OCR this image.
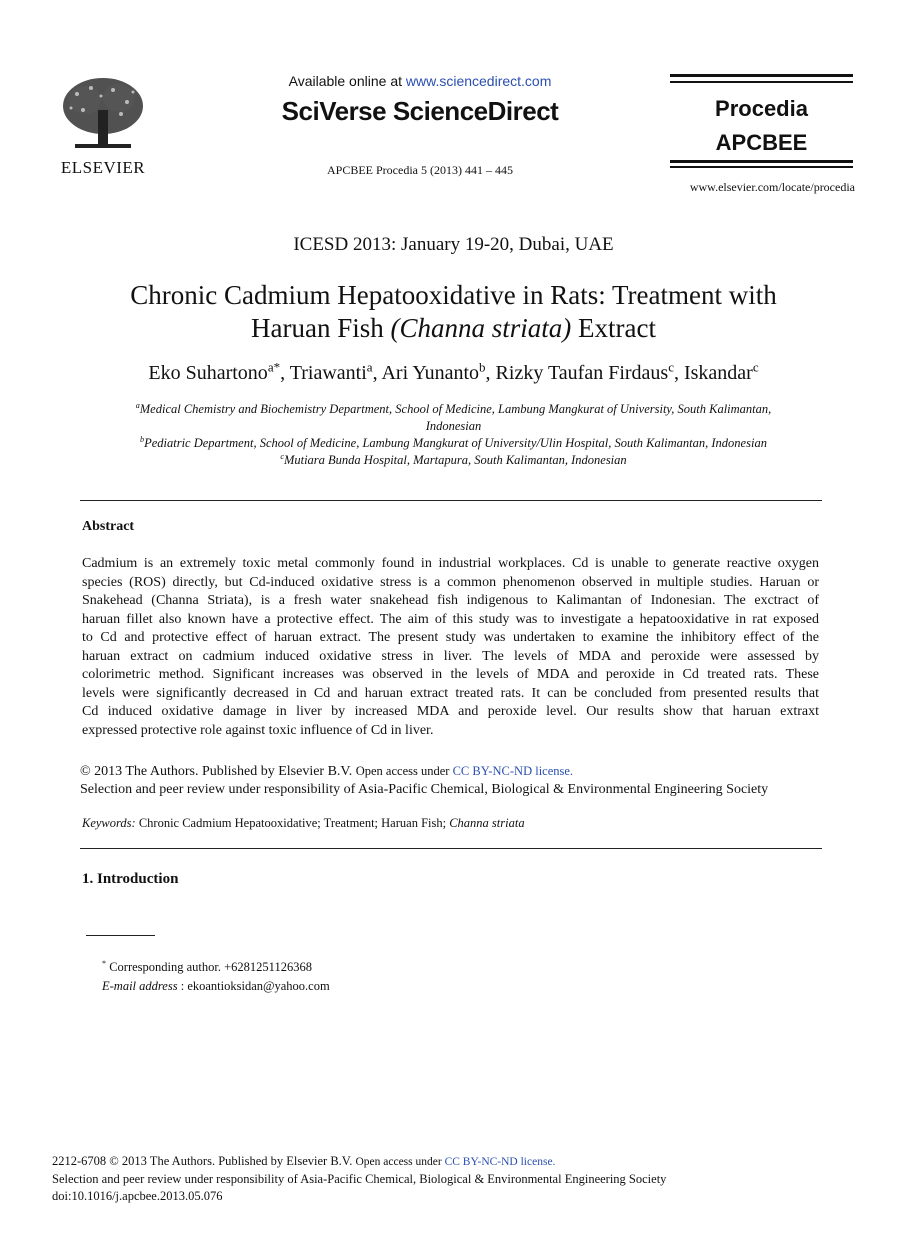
ELSEVIER
Available online at www.sciencedirect.com
SciVerse ScienceDirect
APCBEE Procedia 5 (2013) 441 – 445
Procedia
APCBEE
www.elsevier.com/locate/procedia
ICESD 2013: January 19-20, Dubai, UAE
Chronic Cadmium Hepatooxidative in Rats: Treatment with
Haruan Fish (Channa striata) Extract
Eko Suhartono$^{a*}$, Triawanti$^a$, Ari Yunanto$^b$, Rizky Taufan Firdaus$^c$, Iskandar$^c$
$^a$Medical Chemistry and Biochemistry Department, School of Medicine, Lambung Mangkurat of University, South Kalimantan,
Indonesian
$^b$Pediatric Department, School of Medicine, Lambung Mangkurat of University/Ulin Hospital, South Kalimantan, Indonesian
$^c$Mutiara Bunda Hospital, Martapura, South Kalimantan, Indonesian
Abstract
Cadmium is an extremely toxic metal commonly found in industrial workplaces. Cd is unable to generate reactive oxygen
species (ROS) directly, but Cd-induced oxidative stress is a common phenomenon observed in multiple studies. Haruan or
Snakehead (Channa Striata), is a fresh water snakehead fish indigenous to Kalimantan of Indonesian. The exctract of
haruan fillet also known have a protective effect. The aim of this study was to investigate a hepatooxidative in rat exposed
to Cd and protective effect of haruan extract. The present study was undertaken to examine the inhibitory effect of the
haruan extract on cadmium induced oxidative stress in liver. The levels of MDA and peroxide were assessed by
colorimetric method. Significant increases was observed in the levels of MDA and peroxide in Cd treated rats. These
levels were significantly decreased in Cd and haruan extract treated rats. It can be concluded from presented results that
Cd induced oxidative damage in liver by increased MDA and peroxide level. Our results show that haruan extraxt
expressed protective role against toxic influence of Cd in liver.
© 2013 The Authors. Published by Elsevier B.V. Open access under CC BY-NC-ND license.
Selection and peer review under responsibility of Asia-Pacific Chemical, Biological & Environmental Engineering Society
Keywords: Chronic Cadmium Hepatooxidative; Treatment; Haruan Fish; Channa striata
1. Introduction
* Corresponding author. +6281251126368
E-mail address : ekoantioksidan@yahoo.com
2212-6708 © 2013 The Authors. Published by Elsevier B.V. Open access under CC BY-NC-ND license.
Selection and peer review under responsibility of Asia-Pacific Chemical, Biological & Environmental Engineering Society
doi:10.1016/j.apcbee.2013.05.076
